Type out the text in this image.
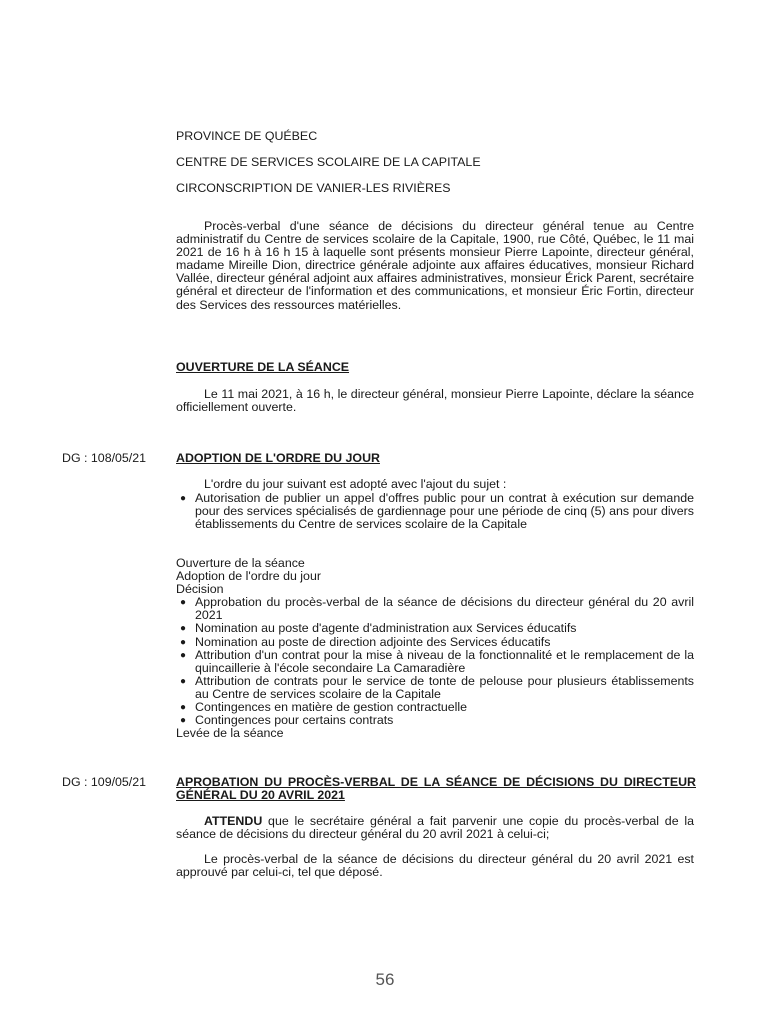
PROVINCE DE QUÉBEC
CENTRE DE SERVICES SCOLAIRE DE LA CAPITALE
CIRCONSCRIPTION DE VANIER-LES RIVIÈRES
Procès-verbal d'une séance de décisions du directeur général tenue au Centre administratif du Centre de services scolaire de la Capitale, 1900, rue Côté, Québec, le 11 mai 2021 de 16 h à 16 h 15 à laquelle sont présents monsieur Pierre Lapointe, directeur général, madame Mireille Dion, directrice générale adjointe aux affaires éducatives, monsieur Richard Vallée, directeur général adjoint aux affaires administratives, monsieur Érick Parent, secrétaire général et directeur de l'information et des communications, et monsieur Éric Fortin, directeur des Services des ressources matérielles.
OUVERTURE DE LA SÉANCE
Le 11 mai 2021, à 16 h, le directeur général, monsieur Pierre Lapointe, déclare la séance officiellement ouverte.
DG : 108/05/21 ADOPTION DE L'ORDRE DU JOUR
L'ordre du jour suivant est adopté avec l'ajout du sujet :
● Autorisation de publier un appel d'offres public pour un contrat à exécution sur demande pour des services spécialisés de gardiennage pour une période de cinq (5) ans pour divers établissements du Centre de services scolaire de la Capitale
Ouverture de la séance
Adoption de l'ordre du jour
Décision
● Approbation du procès-verbal de la séance de décisions du directeur général du 20 avril 2021
● Nomination au poste d'agente d'administration aux Services éducatifs
● Nomination au poste de direction adjointe des Services éducatifs
● Attribution d'un contrat pour la mise à niveau de la fonctionnalité et le remplacement de la quincaillerie à l'école secondaire La Camaradière
● Attribution de contrats pour le service de tonte de pelouse pour plusieurs établissements au Centre de services scolaire de la Capitale
● Contingences en matière de gestion contractuelle
● Contingences pour certains contrats
Levée de la séance
DG : 109/05/21 APROBATION DU PROCÈS-VERBAL DE LA SÉANCE DE DÉCISIONS DU DIRECTEUR GÉNÉRAL DU 20 AVRIL 2021
ATTENDU que le secrétaire général a fait parvenir une copie du procès-verbal de la séance de décisions du directeur général du 20 avril 2021 à celui-ci;
Le procès-verbal de la séance de décisions du directeur général du 20 avril 2021 est approuvé par celui-ci, tel que déposé.
56
